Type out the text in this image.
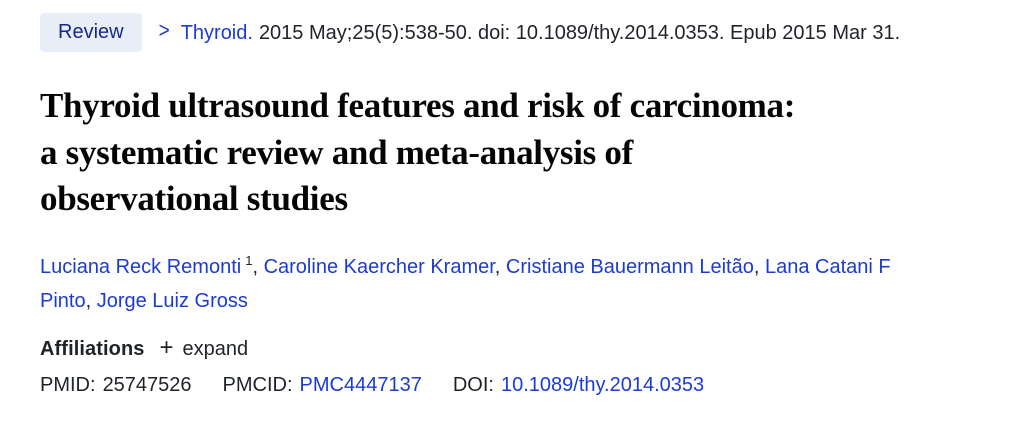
Review	> Thyroid. 2015 May;25(5):538-50. doi: 10.1089/thy.2014.0353. Epub 2015 Mar 31.
Thyroid ultrasound features and risk of carcinoma: a systematic review and meta-analysis of observational studies
Luciana Reck Remonti $^1$, Caroline Kaercher Kramer, Cristiane Bauermann Leitão, Lana Catani F Pinto, Jorge Luiz Gross
Affiliations + expand
PMID: 25747526 PMCID: PMC4447137 DOI: 10.1089/thy.2014.0353
